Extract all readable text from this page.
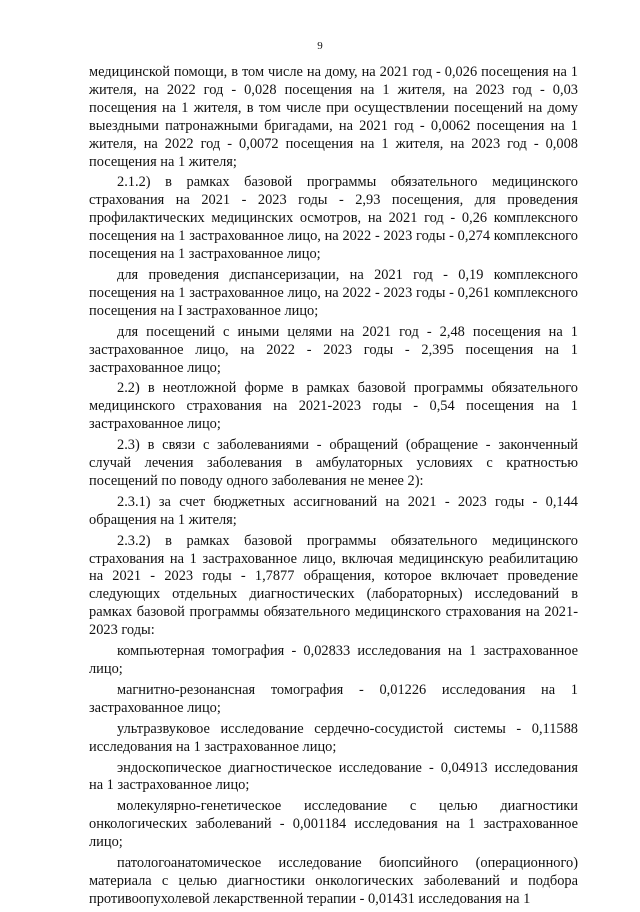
9

медицинской помощи, в том числе на дому, на 2021 год - 0,026 посещения на 1 жителя, на 2022 год - 0,028 посещения на 1 жителя, на 2023 год - 0,03 посещения на 1 жителя, в том числе при осуществлении посещений на дому выездными патронажными бригадами, на 2021 год - 0,0062 посещения на 1 жителя, на 2022 год - 0,0072 посещения на 1 жителя, на 2023 год - 0,008 посещения на 1 жителя;

2.1.2) в рамках базовой программы обязательного медицинского страхования на 2021 - 2023 годы - 2,93 посещения, для проведения профилактических медицинских осмотров, на 2021 год - 0,26 комплексного посещения на 1 застрахованное лицо, на 2022 - 2023 годы - 0,274 комплексного посещения на 1 застрахованное лицо;

для проведения диспансеризации, на 2021 год - 0,19 комплексного посещения на 1 застрахованное лицо, на 2022 - 2023 годы - 0,261 комплексного посещения на I застрахованное лицо;

для посещений с иными целями на 2021 год - 2,48 посещения на 1 застрахованное лицо, на 2022 - 2023 годы - 2,395 посещения на 1 застрахованное лицо;

2.2) в неотложной форме в рамках базовой программы обязательного медицинского страхования на 2021-2023 годы - 0,54 посещения на 1 застрахованное лицо;

2.3) в связи с заболеваниями - обращений (обращение - законченный случай лечения заболевания в амбулаторных условиях с кратностью посещений по поводу одного заболевания не менее 2):

2.3.1) за счет бюджетных ассигнований на 2021 - 2023 годы - 0,144 обращения на 1 жителя;

2.3.2) в рамках базовой программы обязательного медицинского страхования на 1 застрахованное лицо, включая медицинскую реабилитацию на 2021 - 2023 годы - 1,7877 обращения, которое включает проведение следующих отдельных диагностических (лабораторных) исследований в рамках базовой программы обязательного медицинского страхования на 2021-2023 годы:

компьютерная томография - 0,02833 исследования на 1 застрахованное лицо;

магнитно-резонансная томография - 0,01226 исследования на 1 застрахованное лицо;

ультразвуковое исследование сердечно-сосудистой системы - 0,11588 исследования на 1 застрахованное лицо;

эндоскопическое диагностическое исследование - 0,04913 исследования на 1 застрахованное лицо;

молекулярно-генетическое исследование с целью диагностики онкологических заболеваний - 0,001184 исследования на 1 застрахованное лицо;

патологоанатомическое исследование биопсийного (операционного) материала с целью диагностики онкологических заболеваний и подбора противоопухолевой лекарственной терапии - 0,01431 исследования на 1
